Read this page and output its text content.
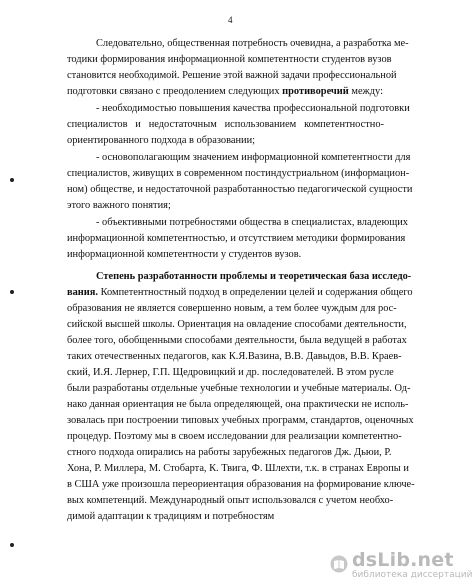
4
Следовательно, общественная потребность очевидна, а разработка ме-
тодики формирования информационной компетентности студентов вузов
становится необходимой. Решение этой важной задачи профессиональной
подготовки связано с преодолением следующих противоречий между:
- необходимостью повышения качества профессиональной подготовки
специалистов и недостаточным использованием компетентностно-
ориентированного подхода в образовании;
- основополагающим значением информационной компетентности для
специалистов, живущих в современном постиндустриальном (информацион-
ном) обществе, и недостаточной разработанностью педагогической сущности
этого важного понятия;
- объективными потребностями общества в специалистах, владеющих
информационной компетентностью, и отсутствием методики формирования
информационной компетентности у студентов вузов.
Степень разработанности проблемы и теоретическая база исследо-
вания. Компетентностный подход в определении целей и содержания общего
образования не является совершенно новым, а тем более чуждым для рос-
сийской высшей школы. Ориентация на овладение способами деятельности,
более того, обобщенными способами деятельности, была ведущей в работах
таких отечественных педагогов, как К.Я.Вазина, В.В. Давыдов, В.В. Краев-
ский, И.Я. Лернер, Г.П. Щедровицкий и др. последователей. В этом русле
были разработаны отдельные учебные технологии и учебные материалы. Од-
нако данная ориентация не была определяющей, она практически не исполь-
зовалась при построении типовых учебных программ, стандартов, оценочных
процедур. Поэтому мы в своем исследовании для реализации компетентно-
стного подхода опирались на работы зарубежных педагогов Дж. Дьюи, Р.
Хона, Р. Миллера, М. Стобарта, К. Твига, Ф. Шлехти, т.к. в странах Европы и
в США уже произошла переориентация образования на формирование ключе-
вых компетенций. Международный опыт использовался с учетом необхо-
димой адаптации к традициям и потребностям
dsLib.net
библиотека диссертаций
